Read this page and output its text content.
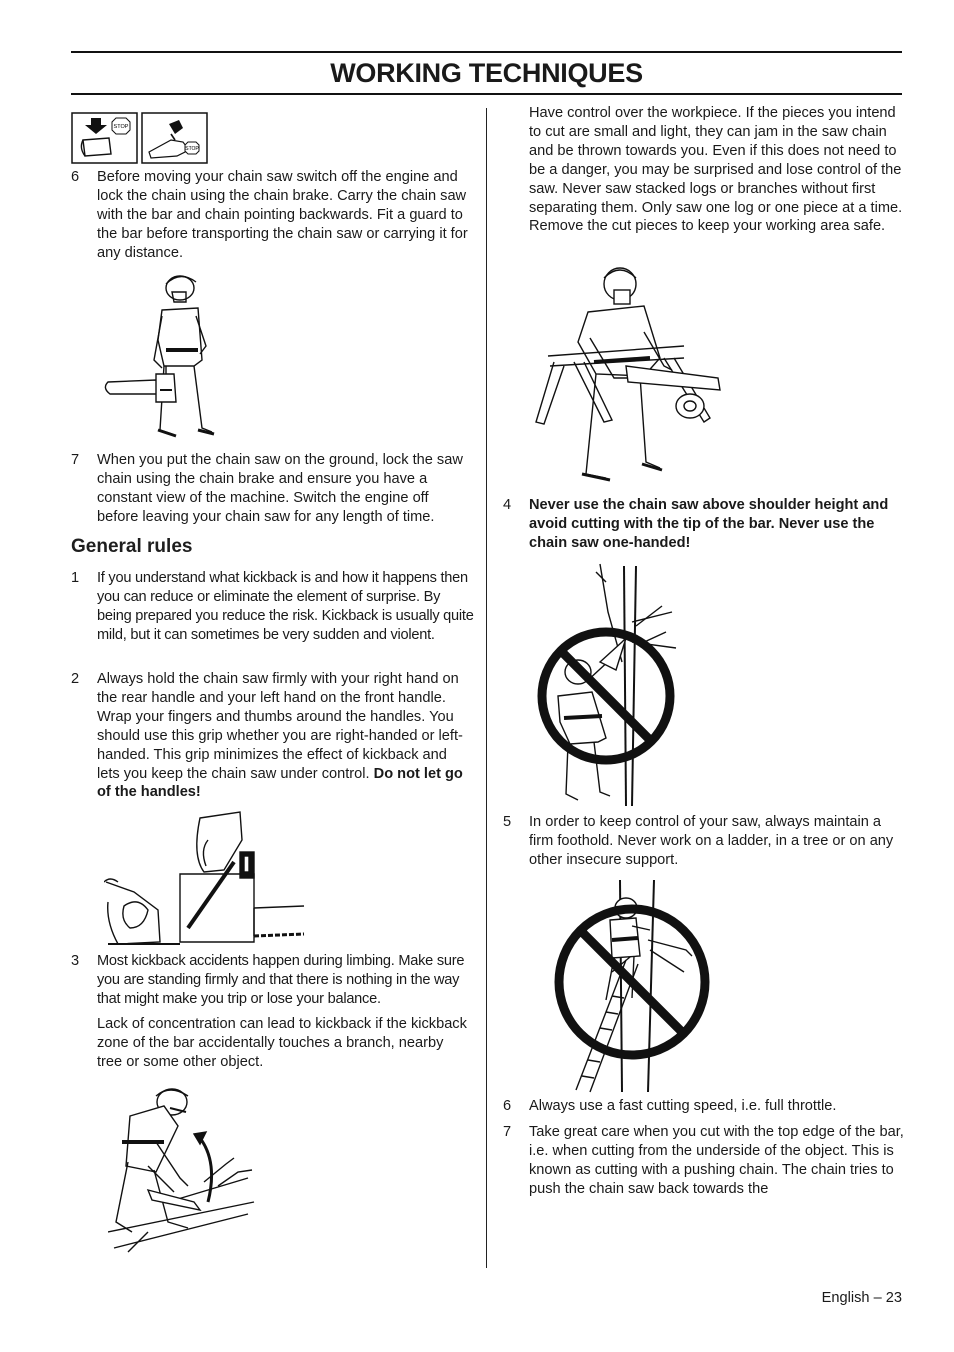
WORKING TECHNIQUES
STOP
STOP
6 Before moving your chain saw switch off the engine and lock the chain using the chain brake. Carry the chain saw with the bar and chain pointing backwards. Fit a guard to the bar before transporting the chain saw or carrying it for any distance.

7 When you put the chain saw on the ground, lock the saw chain using the chain brake and ensure you have a constant view of the machine. Switch the engine off before leaving your chain saw for any length of time.

General rules
1 If you understand what kickback is and how it happens then you can reduce or eliminate the element of surprise. By being prepared you reduce the risk. Kickback is usually quite mild, but it can sometimes be very sudden and violent.

2 Always hold the chain saw firmly with your right hand on the rear handle and your left hand on the front handle. Wrap your fingers and thumbs around the handles. You should use this grip whether you are right-handed or left-handed. This grip minimizes the effect of kickback and lets you keep the chain saw under control. Do not let go of the handles!

3 Most kickback accidents happen during limbing. Make sure you are standing firmly and that there is nothing in the way that might make you trip or lose your balance.

Lack of concentration can lead to kickback if the kickback zone of the bar accidentally touches a branch, nearby tree or some other object.

Have control over the workpiece. If the pieces you intend to cut are small and light, they can jam in the saw chain and be thrown towards you. Even if this does not need to be a danger, you may be surprised and lose control of the saw. Never saw stacked logs or branches without first separating them. Only saw one log or one piece at a time. Remove the cut pieces to keep your working area safe.

4 Never use the chain saw above shoulder height and avoid cutting with the tip of the bar. Never use the chain saw one-handed!

5 In order to keep control of your saw, always maintain a firm foothold. Never work on a ladder, in a tree or on any other insecure support.

6 Always use a fast cutting speed, i.e. full throttle.

7 Take great care when you cut with the top edge of the bar, i.e. when cutting from the underside of the object. This is known as cutting with a pushing chain. The chain tries to push the chain saw back towards the

English – 23
